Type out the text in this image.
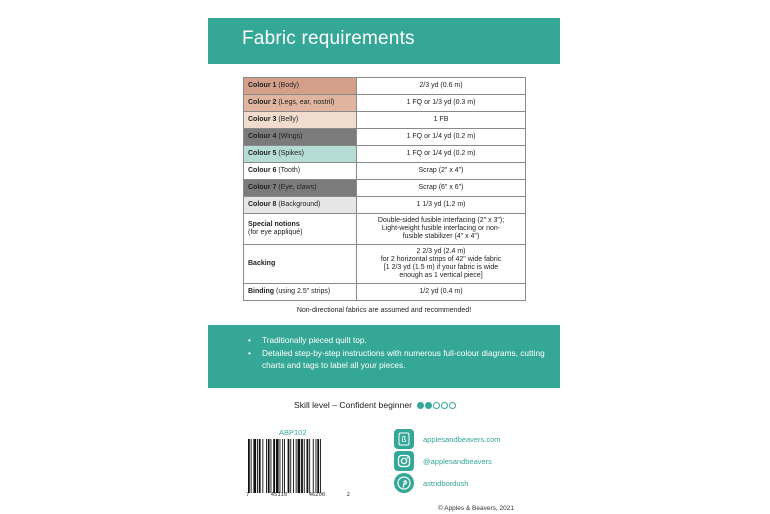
Fabric requirements
Colour 1 (Body)	2/3 yd (0.6 m)
Colour 2 (Legs, ear, nostril)	1 FQ or 1/3 yd (0.3 m)
Colour 3 (Belly)	1 FB
Colour 4 (Wings)	1 FQ or 1/4 yd (0.2 m)
Colour 5 (Spikes)	1 FQ or 1/4 yd (0.2 m)
Colour 6 (Tooth)	Scrap (2" x 4")
Colour 7 (Eye, claws)	Scrap (6" x 6")
Colour 8 (Background)	1 1/3 yd (1.2 m)
Special notions
(for eye appliqué)	Double-sided fusible interfacing (2" x 3");
Light-weight fusible interfacing or non-
fusible stabilizer (4" x 4")
Backing	2 2/3 yd (2.4 m)
for 2 horizontal strips of 42" wide fabric
[1 2/3 yd (1.5 m) if your fabric is wide
enough as 1 vertical piece]
Binding (using 2.5" strips)	1/2 yd (0.4 m)
Non-directional fabrics are assumed and recommended!
• Traditionally pieced quilt top.
• Detailed step-by-step instructions with numerous full-colour diagrams, cutting charts and tags to label all your pieces.
Skill level – Confident beginner
ABP102
7	45110	46200	2
ß applesandbeavers.com
@applesandbeavers
astridbordush
© Apples & Beavers, 2021
